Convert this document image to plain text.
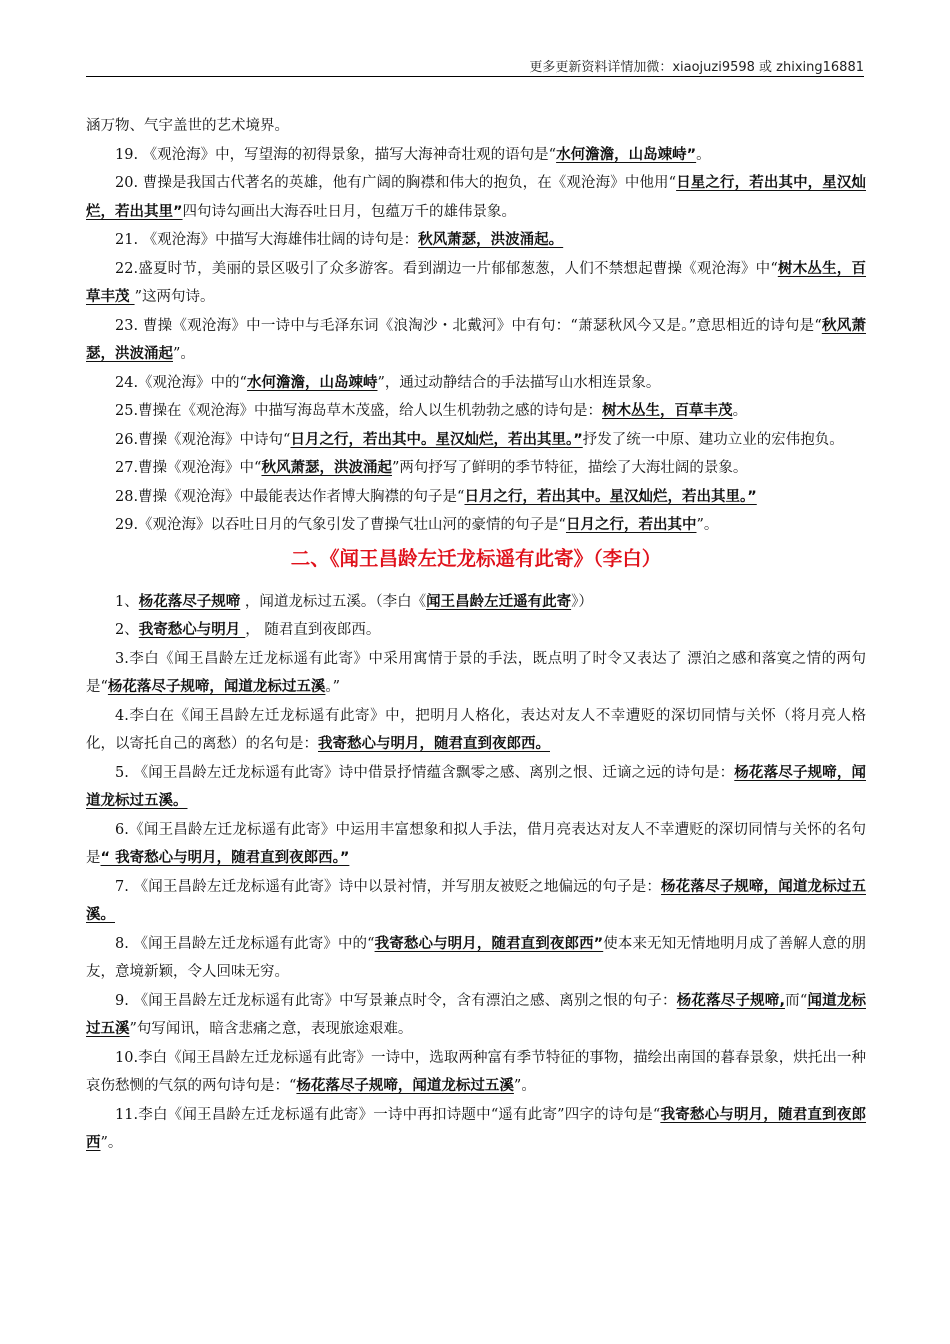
更多更新资料详情加微：xiaojuzi9598 或 zhixing16881

涵万物、气宇盖世的艺术境界。

19. 《观沧海》中，写望海的初得景象，描写大海神奇壮观的语句是“水何澹澹，山岛竦峙”。

20. 曹操是我国古代著名的英雄，他有广阔的胸襟和伟大的抱负，在《观沧海》中他用“日星之行，若出其中，星汉灿烂，若出其里”四句诗勾画出大海吞吐日月，包蕴万千的雄伟景象。

21. 《观沧海》中描写大海雄伟壮阔的诗句是：秋风萧瑟，洪波涌起。

22.盛夏时节，美丽的景区吸引了众多游客。看到湖边一片郁郁葱葱，人们不禁想起曹操《观沧海》中“树木丛生，百草丰茂 ”这两句诗。

23. 曹操《观沧海》中一诗中与毛泽东词《浪淘沙・北戴河》中有句：“萧瑟秋风今又是。”意思相近的诗句是“秋风萧瑟，洪波涌起”。

24.《观沧海》中的“水何澹澹，山岛竦峙”，通过动静结合的手法描写山水相连景象。

25.曹操在《观沧海》中描写海岛草木茂盛，给人以生机勃勃之感的诗句是：树木丛生，百草丰茂。

26.曹操《观沧海》中诗句“日月之行，若出其中。星汉灿烂，若出其里。”抒发了统一中原、建功立业的宏伟抱负。

27.曹操《观沧海》中“秋风萧瑟，洪波涌起”两句抒写了鲜明的季节特征，描绘了大海壮阔的景象。

28.曹操《观沧海》中最能表达作者博大胸襟的句子是“日月之行，若出其中。星汉灿烂，若出其里。”

29.《观沧海》以吞吐日月的气象引发了曹操气壮山河的豪情的句子是“日月之行，若出其中”。

二、《闻王昌龄左迁龙标遥有此寄》（李白）

1、杨花落尽子规啼 ，闻道龙标过五溪。（李白《闻王昌龄左迁遥有此寄》）

2、我寄愁心与明月 ， 随君直到夜郎西。

3.李白《闻王昌龄左迁龙标遥有此寄》中采用寓情于景的手法，既点明了时令又表达了 漂泊之感和落寞之情的两句是“杨花落尽子规啼，闻道龙标过五溪。”

4.李白在《闻王昌龄左迁龙标遥有此寄》中，把明月人格化，表达对友人不幸遭贬的深切同情与关怀（将月亮人格化，以寄托自己的离愁）的名句是：我寄愁心与明月，随君直到夜郎西。

5. 《闻王昌龄左迁龙标遥有此寄》诗中借景抒情蕴含飘零之感、离别之恨、迁谪之远的诗句是：杨花落尽子规啼，闻道龙标过五溪。

6.《闻王昌龄左迁龙标遥有此寄》中运用丰富想象和拟人手法，借月亮表达对友人不幸遭贬的深切同情与关怀的名句是“ 我寄愁心与明月，随君直到夜郎西。”

7. 《闻王昌龄左迁龙标遥有此寄》诗中以景衬情，并写朋友被贬之地偏远的句子是：杨花落尽子规啼，闻道龙标过五溪。

8. 《闻王昌龄左迁龙标遥有此寄》中的“我寄愁心与明月，随君直到夜郎西”使本来无知无情地明月成了善解人意的朋友，意境新颖，令人回味无穷。

9. 《闻王昌龄左迁龙标遥有此寄》中写景兼点时令，含有漂泊之感、离别之恨的句子：杨花落尽子规啼,而“闻道龙标过五溪”句写闻讯，暗含悲痛之意，表现旅途艰难。

10.李白《闻王昌龄左迁龙标遥有此寄》一诗中，选取两种富有季节特征的事物，描绘出南国的暮春景象，烘托出一种哀伤愁恻的气氛的两句诗句是：“杨花落尽子规啼，闻道龙标过五溪”。

11.李白《闻王昌龄左迁龙标遥有此寄》一诗中再扣诗题中“遥有此寄”四字的诗句是“我寄愁心与明月，随君直到夜郎西”。
